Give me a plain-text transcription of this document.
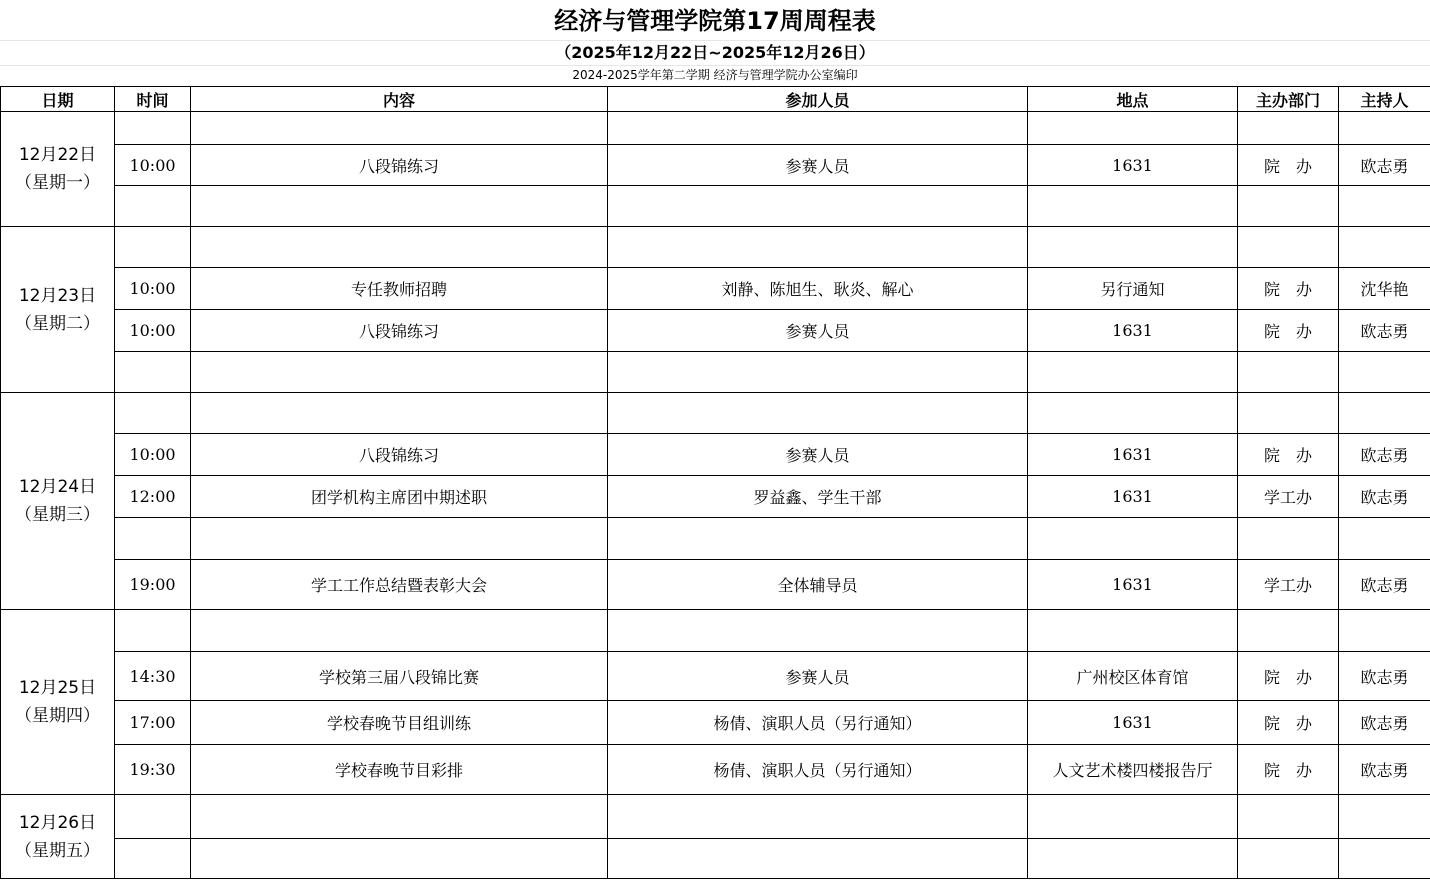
经济与管理学院第17周周程表
（2025年12月22日~2025年12月26日）
2024-2025学年第二学期 经济与管理学院办公室编印
日期	时间	内容	参加人员	地点	主办部门	主持人

12月22日
（星期一）						

	10:00	八段锦练习	参赛人员	1631	院　办	欧志勇

12月23日
（星期二）						

	10:00	专任教师招聘	刘静、陈旭生、耿炎、解心	另行通知	院　办	沈华艳
	10:00	八段锦练习	参赛人员	1631	院　办	欧志勇

12月24日
（星期三）						

	10:00	八段锦练习	参赛人员	1631	院　办	欧志勇
	12:00	团学机构主席团中期述职	罗益鑫、学生干部	1631	学工办	欧志勇

	19:00	学工工作总结暨表彰大会	全体辅导员	1631	学工办	欧志勇

12月25日
（星期四）						

	14:30	学校第三届八段锦比赛	参赛人员	广州校区体育馆	院　办	欧志勇
	17:00	学校春晚节目组训练	杨倩、演职人员（另行通知）	1631	院　办	欧志勇
	19:30	学校春晚节目彩排	杨倩、演职人员（另行通知）	人文艺术楼四楼报告厅	院　办	欧志勇

12月26日
（星期五）						
